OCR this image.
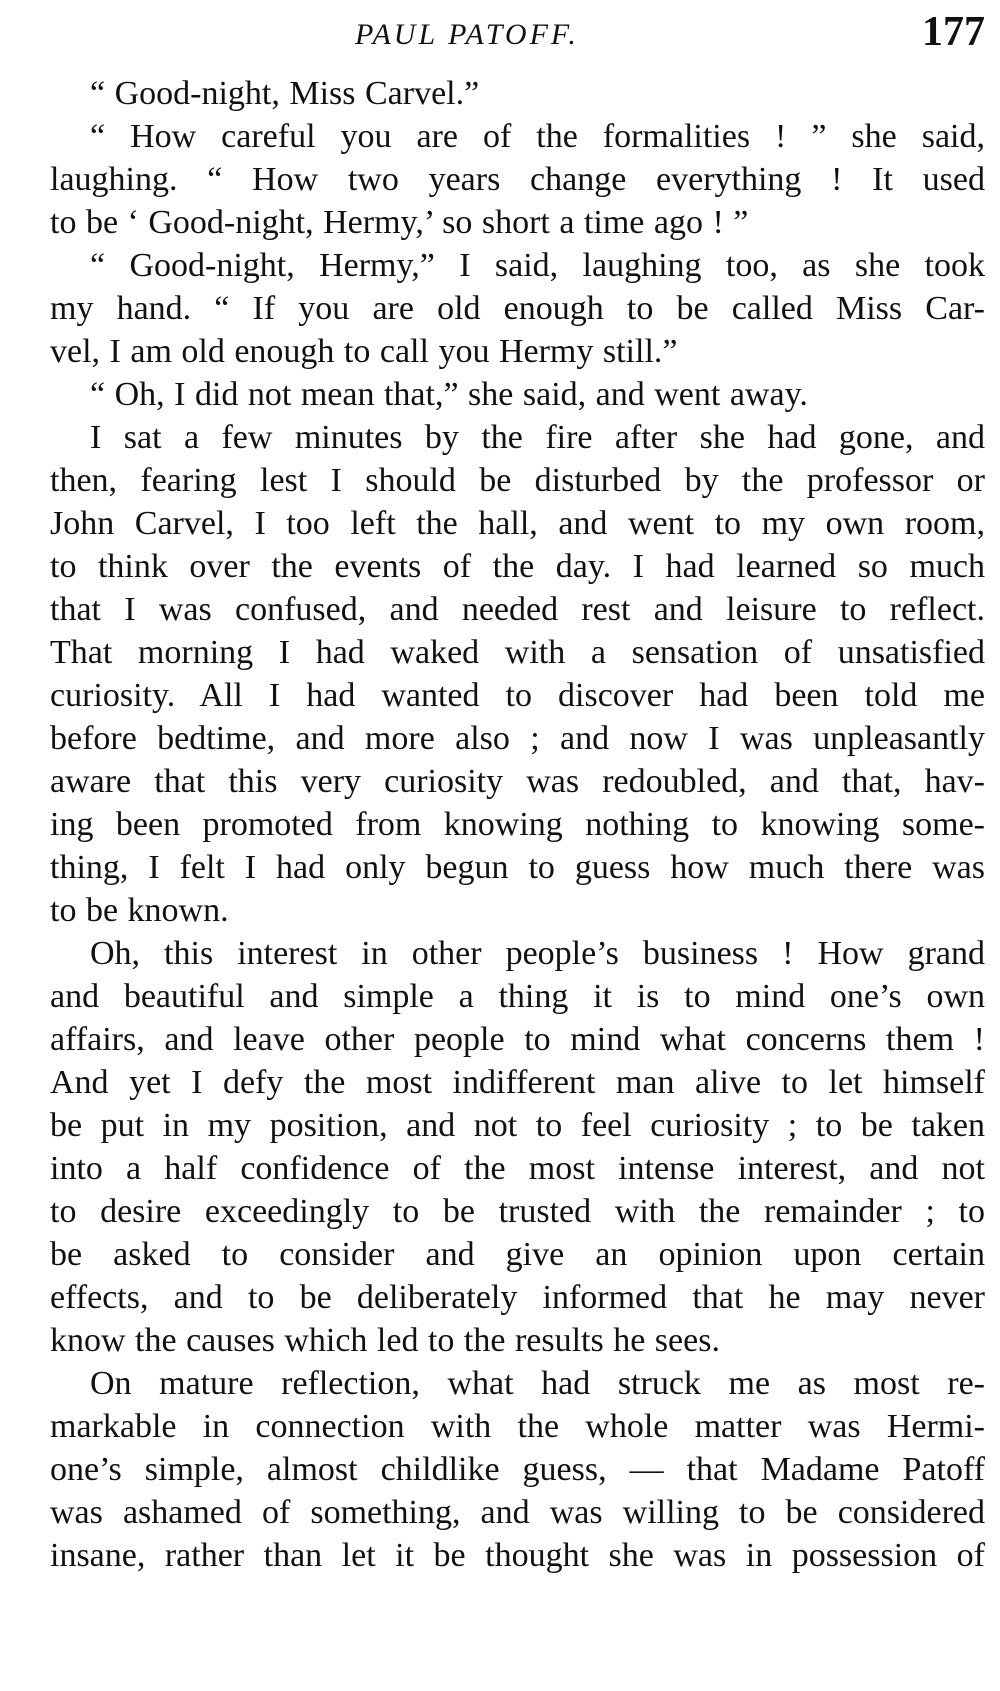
PAUL PATOFF.	177

“ Good-night, Miss Carvel.”

“ How careful you are of the formalities ! ” she said,
laughing. “ How two years change everything ! It used
to be ‘ Good-night, Hermy,’ so short a time ago ! ”

“ Good-night, Hermy,” I said, laughing too, as she took
my hand. “ If you are old enough to be called Miss Car-
vel, I am old enough to call you Hermy still.”

“ Oh, I did not mean that,” she said, and went away.

I sat a few minutes by the fire after she had gone, and
then, fearing lest I should be disturbed by the professor or
John Carvel, I too left the hall, and went to my own room,
to think over the events of the day. I had learned so much
that I was confused, and needed rest and leisure to reflect.
That morning I had waked with a sensation of unsatisfied
curiosity. All I had wanted to discover had been told me
before bedtime, and more also ; and now I was unpleasantly
aware that this very curiosity was redoubled, and that, hav-
ing been promoted from knowing nothing to knowing some-
thing, I felt I had only begun to guess how much there was
to be known.

Oh, this interest in other people’s business ! How grand
and beautiful and simple a thing it is to mind one’s own
affairs, and leave other people to mind what concerns them !
And yet I defy the most indifferent man alive to let himself
be put in my position, and not to feel curiosity ; to be taken
into a half confidence of the most intense interest, and not
to desire exceedingly to be trusted with the remainder ; to
be asked to consider and give an opinion upon certain
effects, and to be deliberately informed that he may never
know the causes which led to the results he sees.

On mature reflection, what had struck me as most re-
markable in connection with the whole matter was Hermi-
one’s simple, almost childlike guess, — that Madame Patoff
was ashamed of something, and was willing to be considered
insane, rather than let it be thought she was in possession of
